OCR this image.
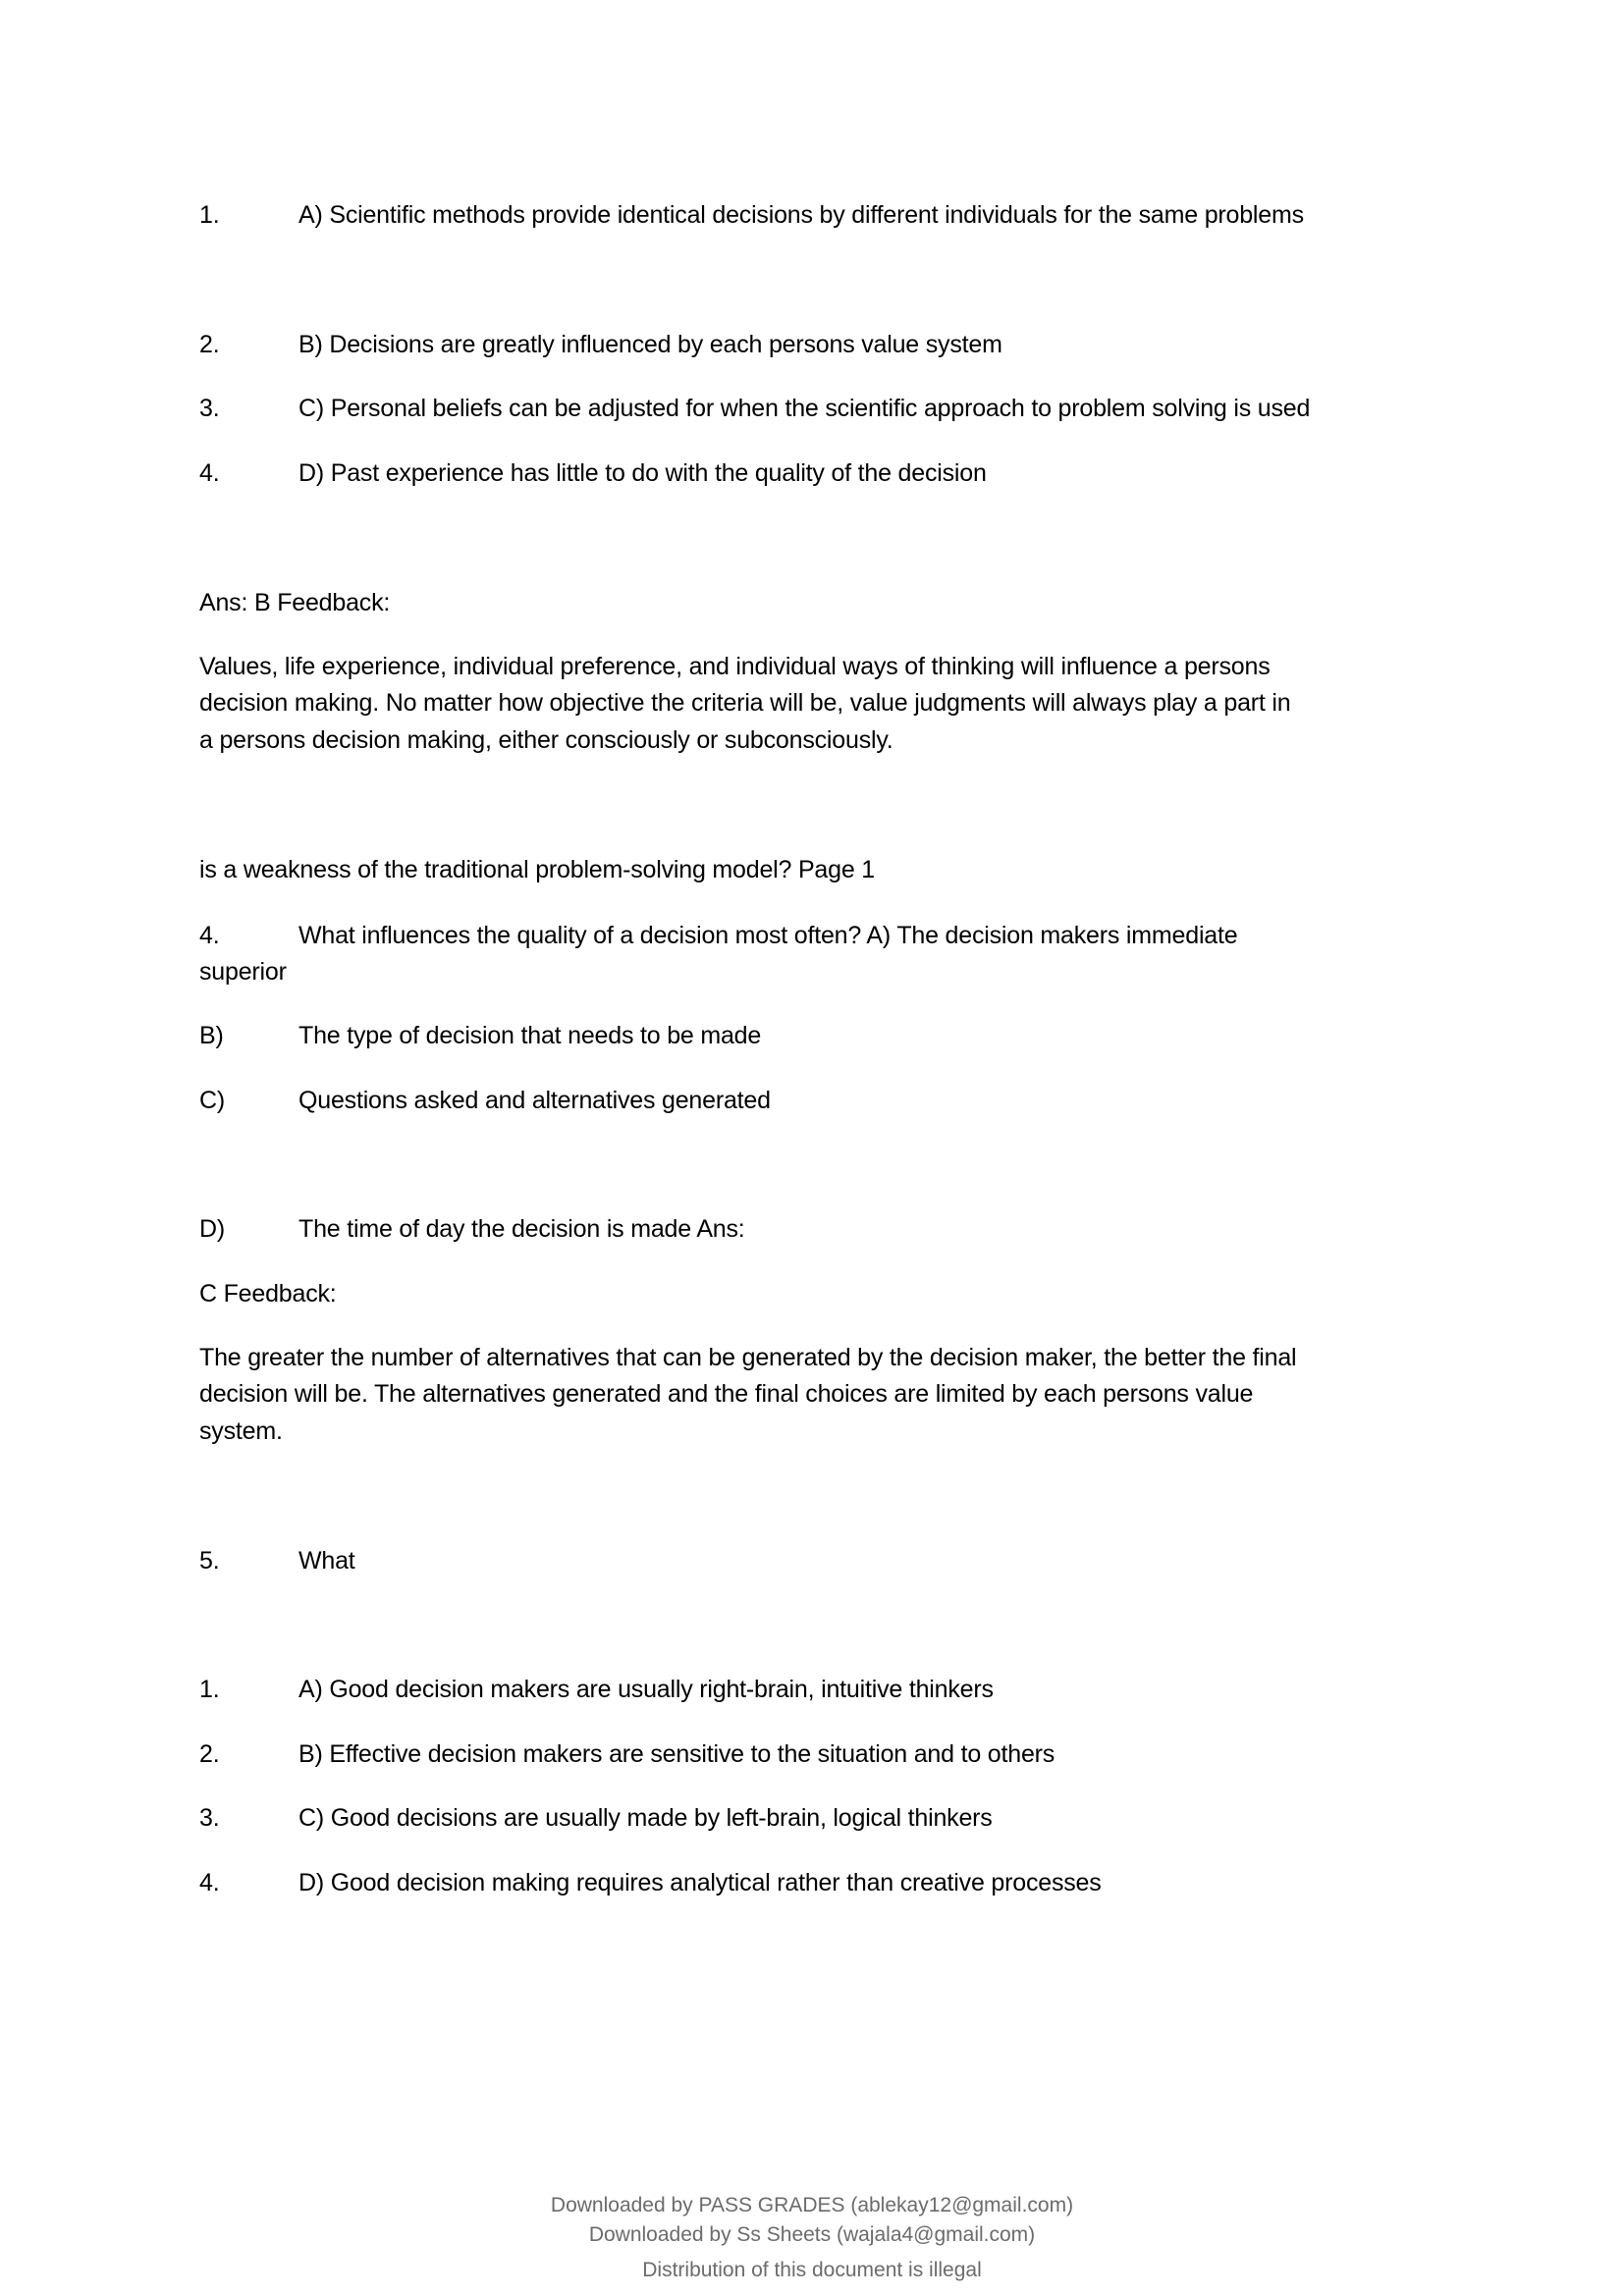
1.	A) Scientific methods provide identical decisions by different individuals for the same problems
2.	B) Decisions are greatly influenced by each persons value system
3.	C) Personal beliefs can be adjusted for when the scientific approach to problem solving is used
4.	D) Past experience has little to do with the quality of the decision
Ans: B Feedback:
Values, life experience, individual preference, and individual ways of thinking will influence a persons
decision making. No matter how objective the criteria will be, value judgments will always play a part in
a persons decision making, either consciously or subconsciously.
is a weakness of the traditional problem-solving model? Page 1
4.	What influences the quality of a decision most often? A) The decision makers immediate
superior
B)	The type of decision that needs to be made
C)	Questions asked and alternatives generated
D)	The time of day the decision is made Ans:
C Feedback:
The greater the number of alternatives that can be generated by the decision maker, the better the final
decision will be. The alternatives generated and the final choices are limited by each persons value
system.
5.	What
1.	A) Good decision makers are usually right-brain, intuitive thinkers
2.	B) Effective decision makers are sensitive to the situation and to others
3.	C) Good decisions are usually made by left-brain, logical thinkers
4.	D) Good decision making requires analytical rather than creative processes
Downloaded by PASS GRADES (ablekay12@gmail.com)
Downloaded by Ss Sheets (wajala4@gmail.com)
Distribution of this document is illegal
